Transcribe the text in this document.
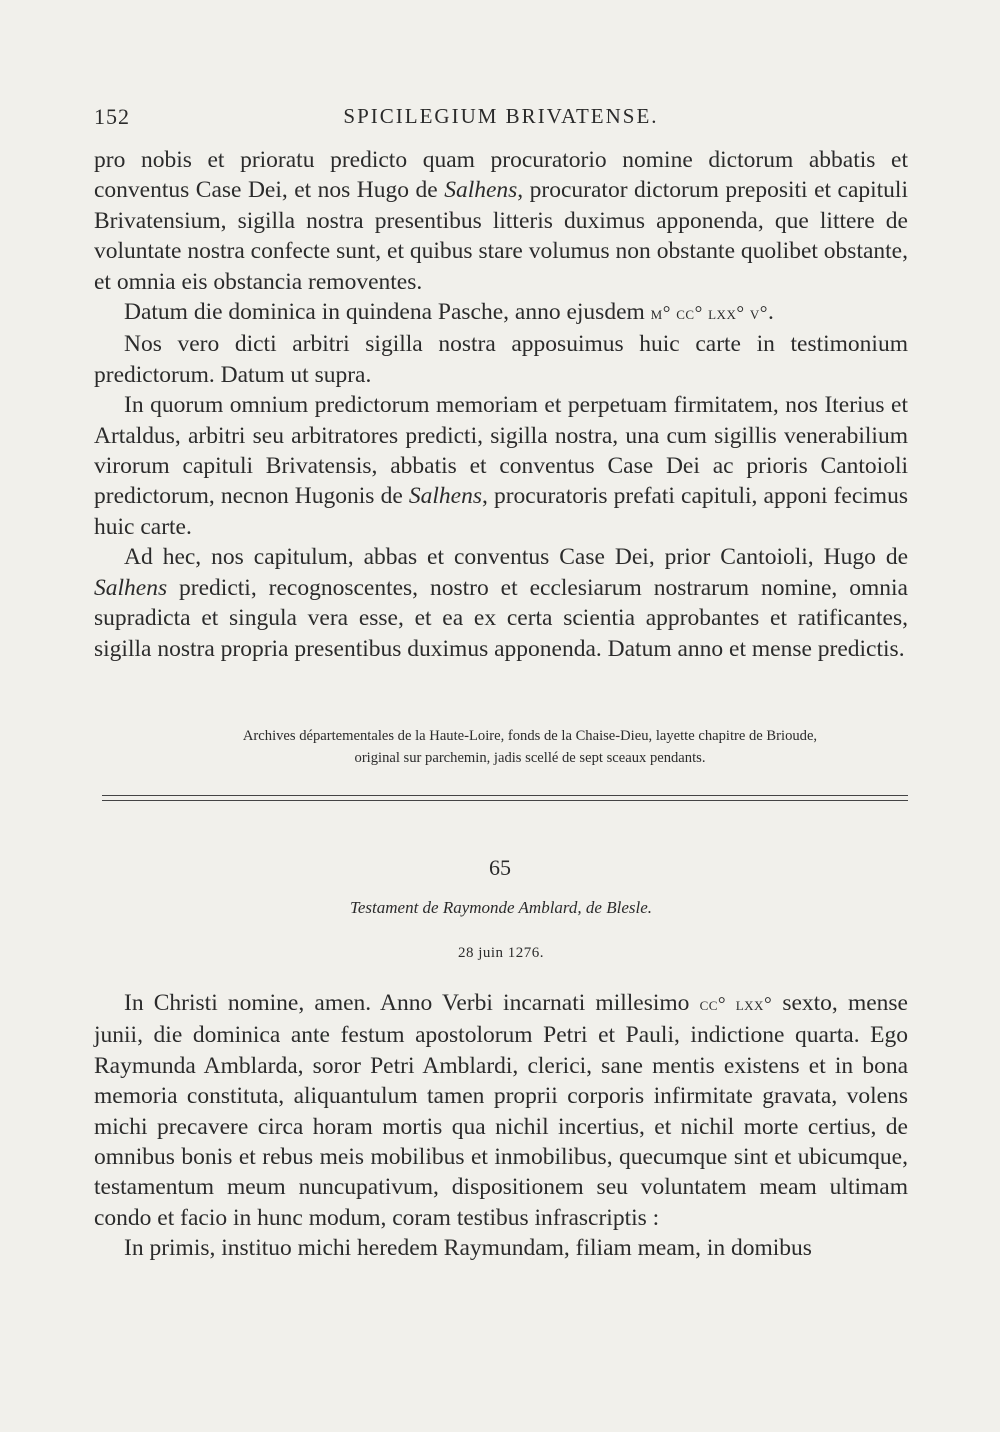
152	SPICILEGIUM BRIVATENSE.

pro nobis et prioratu predicto quam procuratorio nomine dictorum abbatis et conventus Case Dei, et nos Hugo de Salhens, procurator dictorum prepositi et capituli Brivatensium, sigilla nostra presentibus litteris duximus apponenda, que littere de voluntate nostra confecte sunt, et quibus stare volumus non obstante quolibet obstante, et omnia eis obstancia removentes.

Datum die dominica in quindena Pasche, anno ejusdem m° cc° lxx° v°.

Nos vero dicti arbitri sigilla nostra apposuimus huic carte in testimonium predictorum. Datum ut supra.

In quorum omnium predictorum memoriam et perpetuam firmitatem, nos Iterius et Artaldus, arbitri seu arbitratores predicti, sigilla nostra, una cum sigillis venerabilium virorum capituli Brivatensis, abbatis et conventus Case Dei ac prioris Cantoioli predictorum, necnon Hugonis de Salhens, procuratoris prefati capituli, apponi fecimus huic carte.

Ad hec, nos capitulum, abbas et conventus Case Dei, prior Cantoioli, Hugo de Salhens predicti, recognoscentes, nostro et ecclesiarum nostrarum nomine, omnia supradicta et singula vera esse, et ea ex certa scientia approbantes et ratificantes, sigilla nostra propria presentibus duximus apponenda. Datum anno et mense predictis.

Archives départementales de la Haute-Loire, fonds de la Chaise-Dieu, layette chapitre de Brioude,
original sur parchemin, jadis scellé de sept sceaux pendants.

65
Testament de Raymonde Amblard, de Blesle.
28 juin 1276.

In Christi nomine, amen. Anno Verbi incarnati millesimo cc° lxx° sexto, mense junii, die dominica ante festum apostolorum Petri et Pauli, indictione quarta. Ego Raymunda Amblarda, soror Petri Amblardi, clerici, sane mentis existens et in bona memoria constituta, aliquantulum tamen proprii corporis infirmitate gravata, volens michi precavere circa horam mortis qua nichil incertius, et nichil morte certius, de omnibus bonis et rebus meis mobilibus et inmobilibus, quecumque sint et ubicumque, testamentum meum nuncupativum, dispositionem seu voluntatem meam ultimam condo et facio in hunc modum, coram testibus infrascriptis :

In primis, instituo michi heredem Raymundam, filiam meam, in domibus
